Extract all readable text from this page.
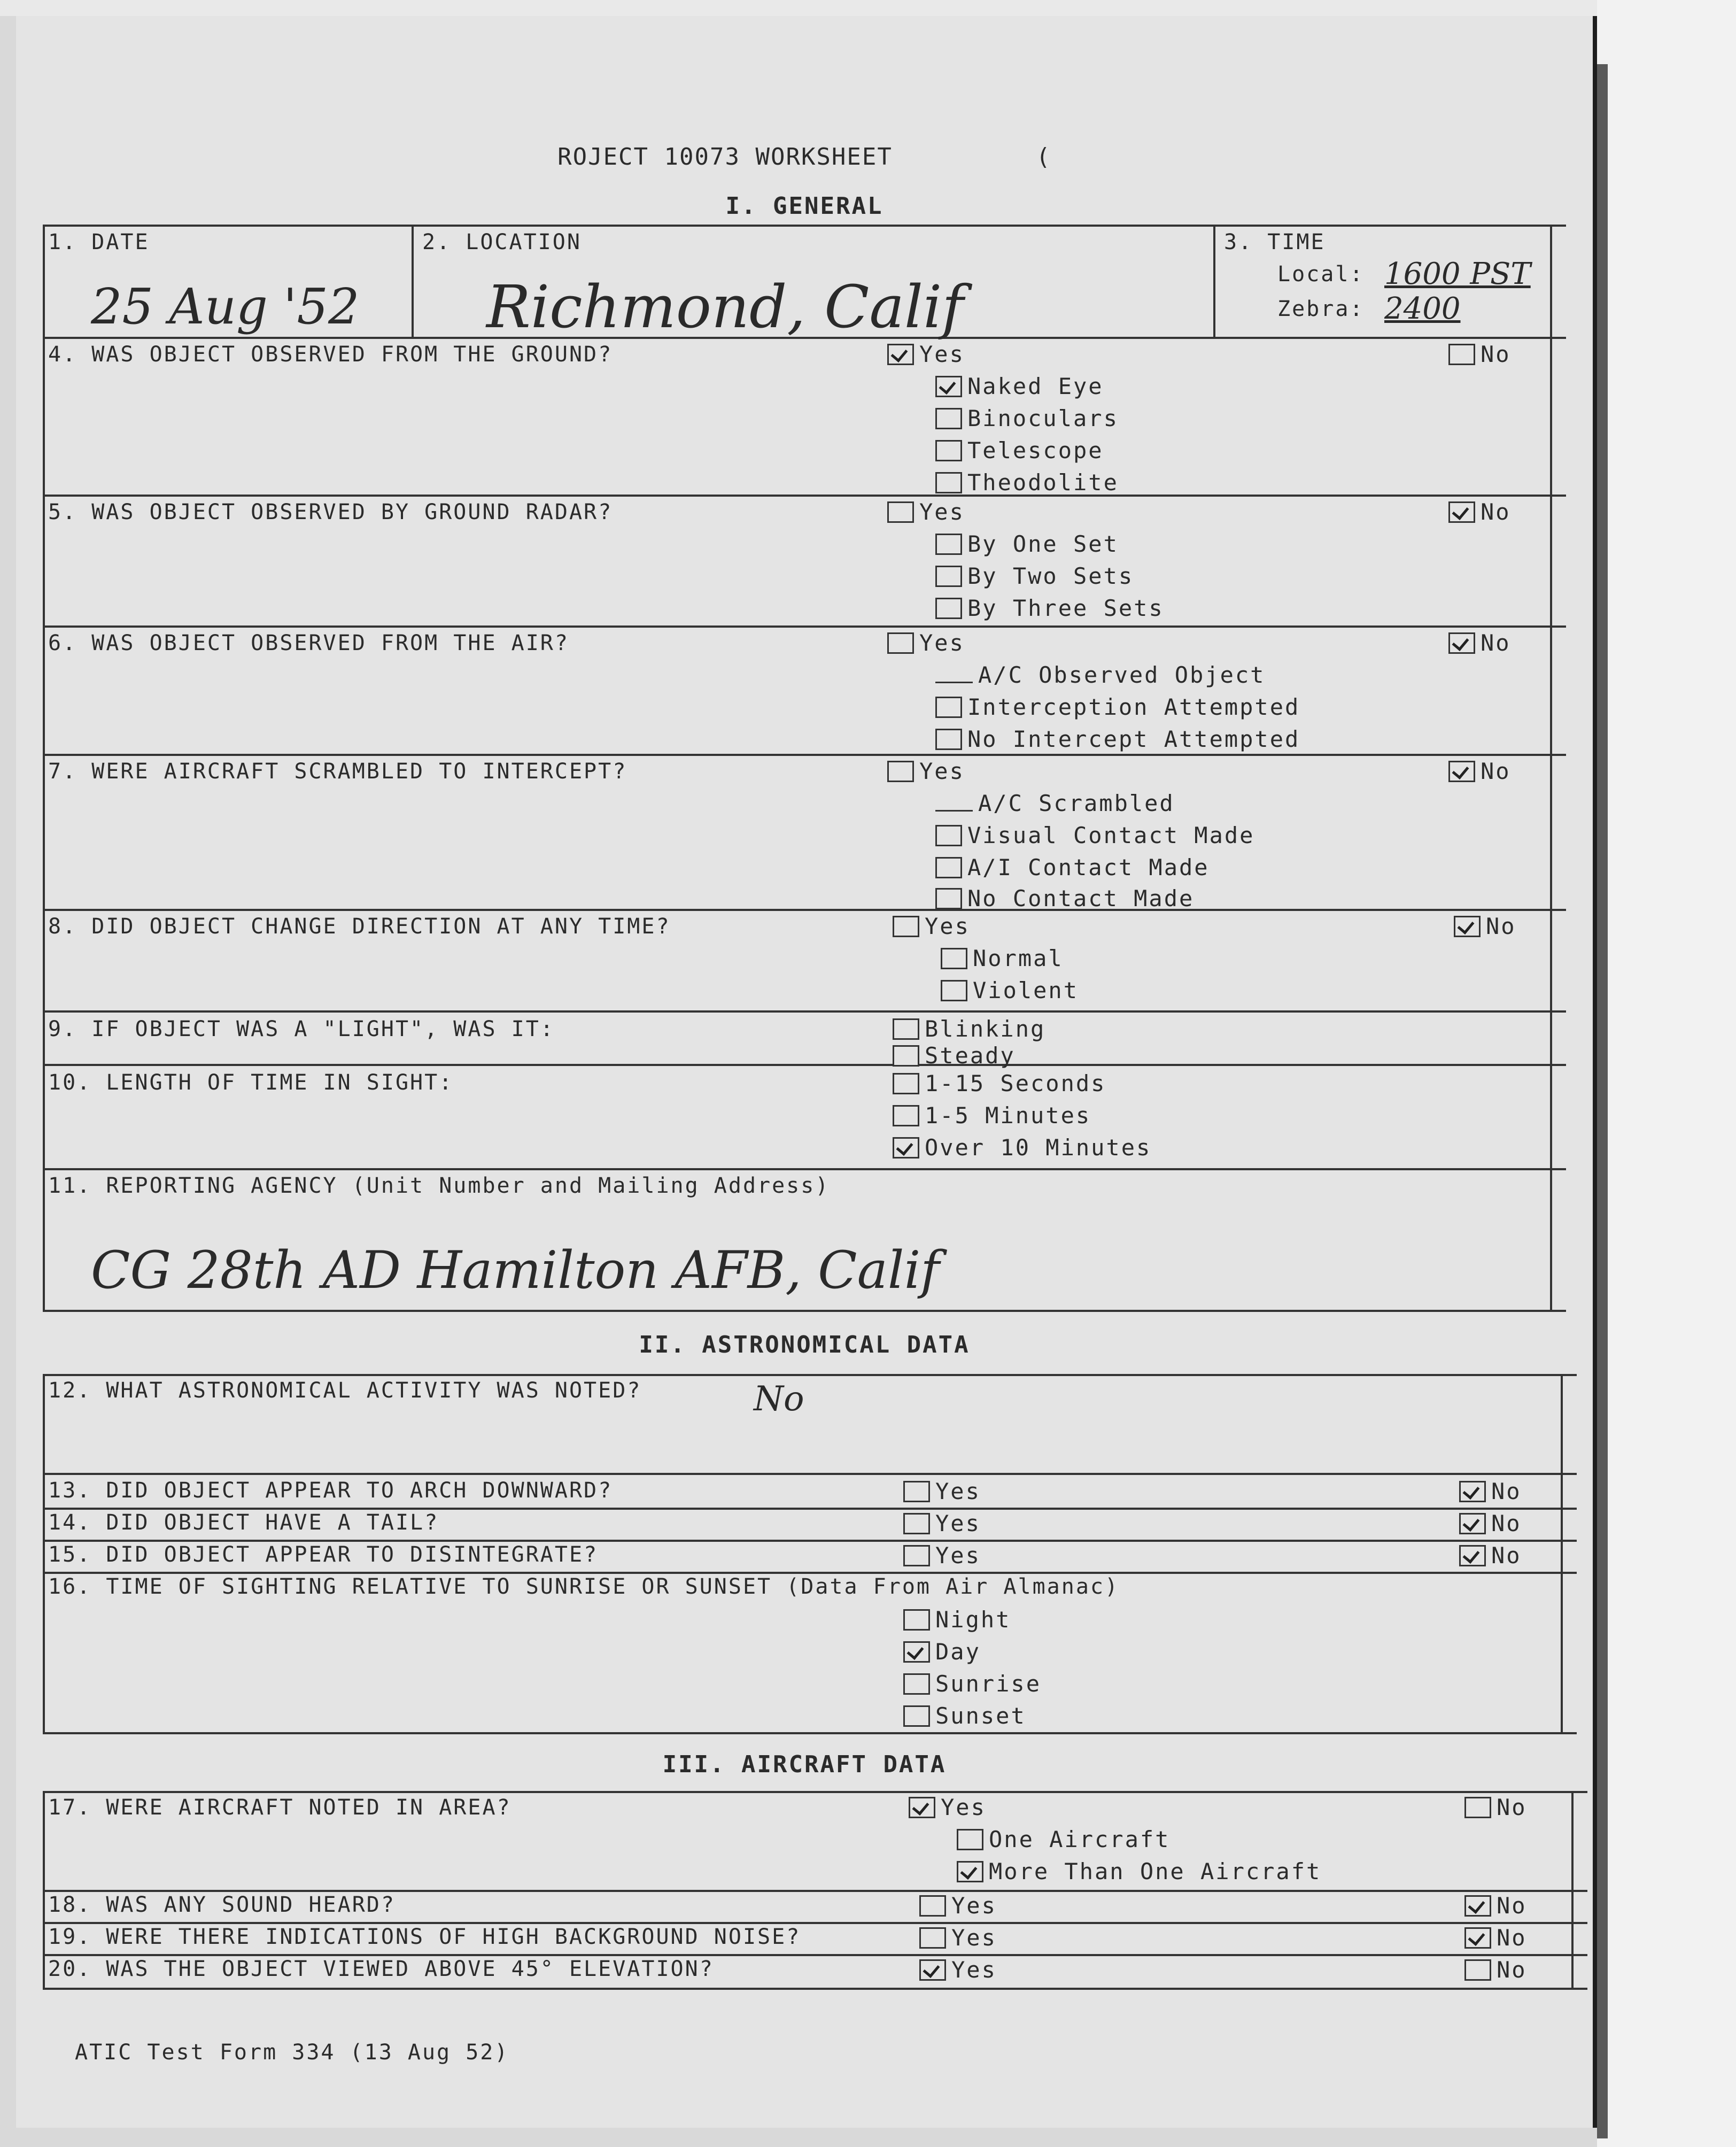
ROJECT 10073 WORKSHEET	(
I. GENERAL
1. DATE
25 Aug '52
2. LOCATION
Richmond, Calif
3. TIME
Local: 1600 PST
Zebra: 2400
4. WAS OBJECT OBSERVED FROM THE GROUND?	Yes	No
Naked Eye
Binoculars
Telescope
Theodolite
5. WAS OBJECT OBSERVED BY GROUND RADAR?	Yes	No
By One Set
By Two Sets
By Three Sets
6. WAS OBJECT OBSERVED FROM THE AIR?	Yes	No
A/C Observed Object
Interception Attempted
No Intercept Attempted
7. WERE AIRCRAFT SCRAMBLED TO INTERCEPT?	Yes	No
A/C Scrambled
Visual Contact Made
A/I Contact Made
No Contact Made
8. DID OBJECT CHANGE DIRECTION AT ANY TIME?	Yes	No
Normal
Violent
9. IF OBJECT WAS A "LIGHT", WAS IT:	Blinking
Steady
10. LENGTH OF TIME IN SIGHT:	1-15 Seconds
1-5 Minutes
Over 10 Minutes
11. REPORTING AGENCY (Unit Number and Mailing Address)
CG 28th AD Hamilton AFB, Calif
II. ASTRONOMICAL DATA
12. WHAT ASTRONOMICAL ACTIVITY WAS NOTED?	No
13. DID OBJECT APPEAR TO ARCH DOWNWARD?	Yes	No
14. DID OBJECT HAVE A TAIL?	Yes	No
15. DID OBJECT APPEAR TO DISINTEGRATE?	Yes	No
16. TIME OF SIGHTING RELATIVE TO SUNRISE OR SUNSET (Data From Air Almanac)
Night
Day
Sunrise
Sunset
III. AIRCRAFT DATA
17. WERE AIRCRAFT NOTED IN AREA?	Yes	No
One Aircraft
More Than One Aircraft
18. WAS ANY SOUND HEARD?	Yes	No
19. WERE THERE INDICATIONS OF HIGH BACKGROUND NOISE?	Yes	No
20. WAS THE OBJECT VIEWED ABOVE 45° ELEVATION?	Yes	No
ATIC Test Form 334 (13 Aug 52)
